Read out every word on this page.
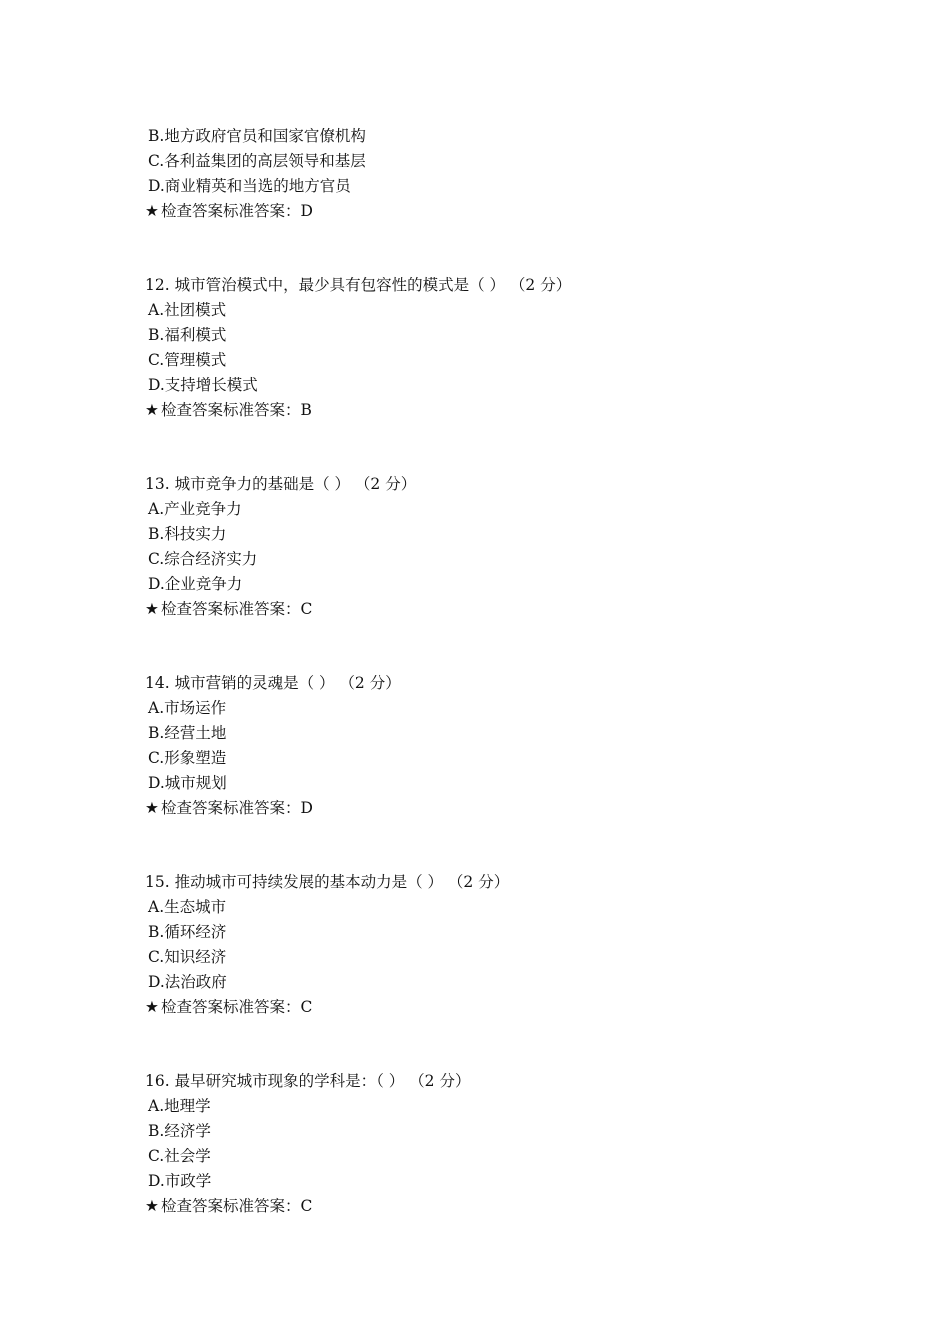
B.地方政府官员和国家官僚机构
C.各利益集团的高层领导和基层
D.商业精英和当选的地方官员
★ 检查答案标准答案：D
12. 城市管治模式中，最少具有包容性的模式是（ ） （2 分）
A.社团模式
B.福利模式
C.管理模式
D.支持增长模式
★ 检查答案标准答案：B
13. 城市竞争力的基础是（ ） （2 分）
A.产业竞争力
B.科技实力
C.综合经济实力
D.企业竞争力
★ 检查答案标准答案：C
14. 城市营销的灵魂是（ ） （2 分）
A.市场运作
B.经营土地
C.形象塑造
D.城市规划
★ 检查答案标准答案：D
15. 推动城市可持续发展的基本动力是（ ） （2 分）
A.生态城市
B.循环经济
C.知识经济
D.法治政府
★ 检查答案标准答案：C
16. 最早研究城市现象的学科是：（ ） （2 分）
A.地理学
B.经济学
C.社会学
D.市政学
★ 检查答案标准答案：C
